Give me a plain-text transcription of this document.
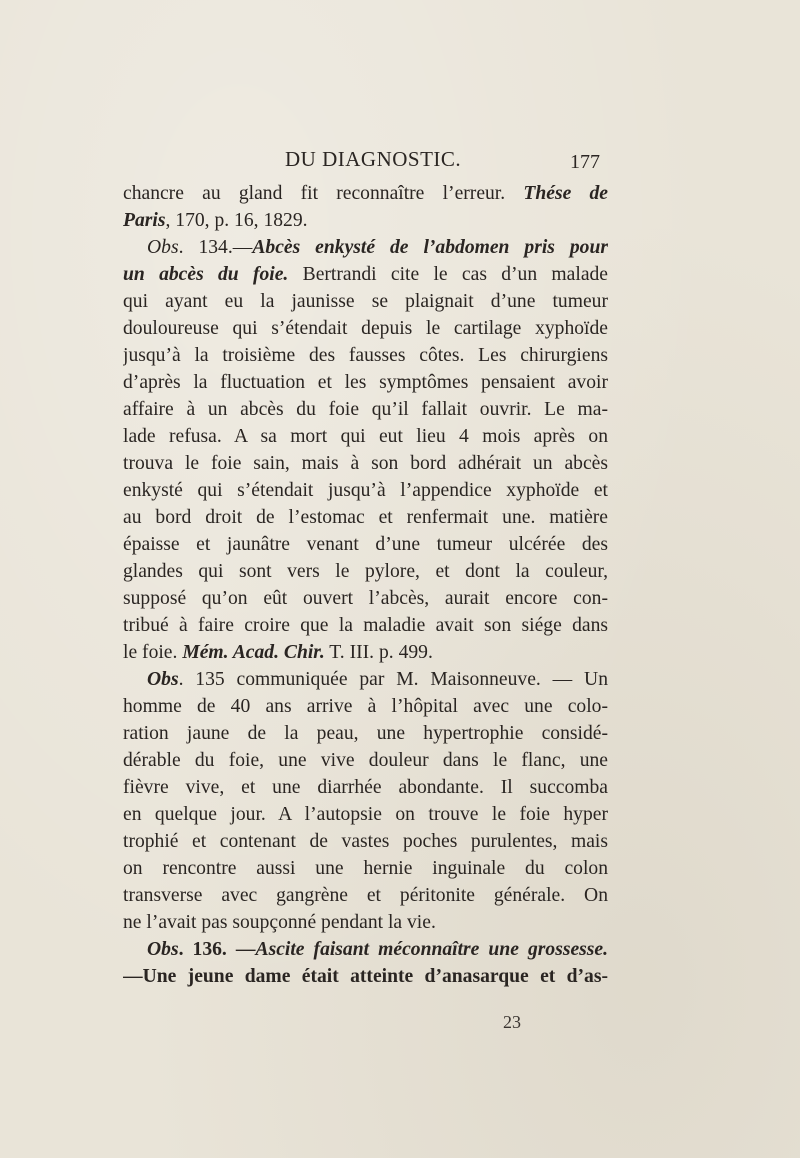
DU DIAGNOSTIC.	177
chancre au gland fit reconnaître l’erreur. Thése de
Paris, 170, p. 16, 1829.
Obs. 134.—Abcès enkysté de l’abdomen pris pour
un abcès du foie. Bertrandi cite le cas d’un malade
qui ayant eu la jaunisse se plaignait d’une tumeur
douloureuse qui s’étendait depuis le cartilage xyphoïde
jusqu’à la troisième des fausses côtes. Les chirurgiens
d’après la fluctuation et les symptômes pensaient avoir
affaire à un abcès du foie qu’il fallait ouvrir. Le ma-
lade refusa. A sa mort qui eut lieu 4 mois après on
trouva le foie sain, mais à son bord adhérait un abcès
enkysté qui s’étendait jusqu’à l’appendice xyphoïde et
au bord droit de l’estomac et renfermait une. matière
épaisse et jaunâtre venant d’une tumeur ulcérée des
glandes qui sont vers le pylore, et dont la couleur,
supposé qu’on eût ouvert l’abcès, aurait encore con-
tribué à faire croire que la maladie avait son siége dans
le foie. Mém. Acad. Chir. T. III. p. 499.
Obs. 135 communiquée par M. Maisonneuve. — Un
homme de 40 ans arrive à l’hôpital avec une colo-
ration jaune de la peau, une hypertrophie considé-
dérable du foie, une vive douleur dans le flanc, une
fièvre vive, et une diarrhée abondante. Il succomba
en quelque jour. A l’autopsie on trouve le foie hyper
trophié et contenant de vastes poches purulentes, mais
on rencontre aussi une hernie inguinale du colon
transverse avec gangrène et péritonite générale. On
ne l’avait pas soupçonné pendant la vie.
Obs. 136. —Ascite faisant méconnaître une grossesse.
—Une jeune dame était atteinte d’anasarque et d’as-
23
